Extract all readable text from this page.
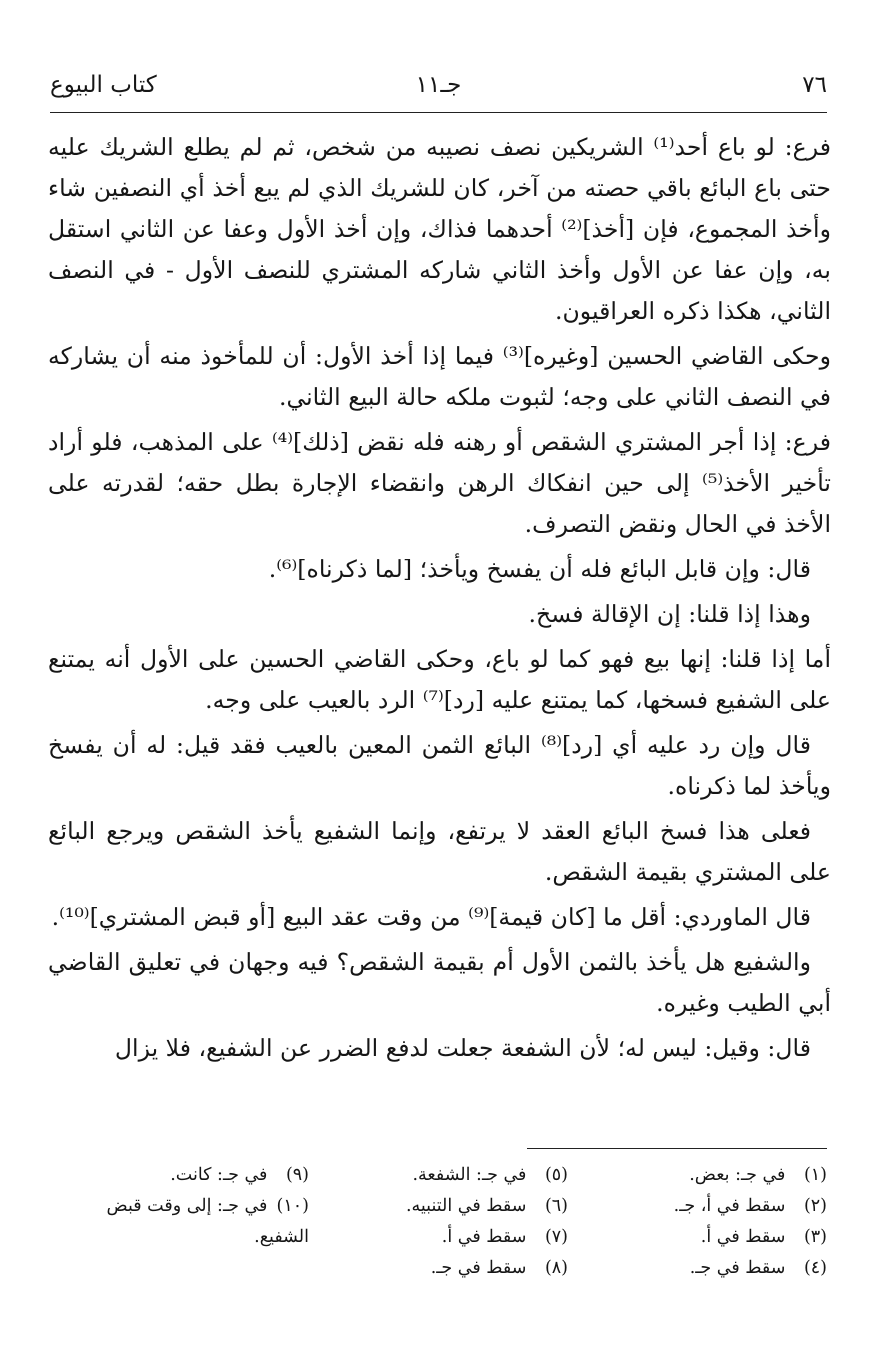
٧٦
جـ١١
كتاب البيوع

فرع: لو باع أحد⁽¹⁾ الشريكين نصف نصيبه من شخص، ثم لم يطلع الشريك عليه حتى باع البائع باقي حصته من آخر، كان للشريك الذي لم يبع أخذ أي النصفين شاء وأخذ المجموع، فإن [أخذ]⁽²⁾ أحدهما فذاك، وإن أخذ الأول وعفا عن الثاني استقل به، وإن عفا عن الأول وأخذ الثاني شاركه المشتري للنصف الأول - في النصف الثاني، هكذا ذكره العراقيون.

وحكى القاضي الحسين [وغيره]⁽³⁾ فيما إذا أخذ الأول: أن للمأخوذ منه أن يشاركه في النصف الثاني على وجه؛ لثبوت ملكه حالة البيع الثاني.

فرع: إذا أجر المشتري الشقص أو رهنه فله نقض [ذلك]⁽⁴⁾ على المذهب، فلو أراد تأخير الأخذ⁽⁵⁾ إلى حين انفكاك الرهن وانقضاء الإجارة بطل حقه؛ لقدرته على الأخذ في الحال ونقض التصرف.

قال: وإن قابل البائع فله أن يفسخ ويأخذ؛ [لما ذكرناه]⁽⁶⁾.

وهذا إذا قلنا: إن الإقالة فسخ.

أما إذا قلنا: إنها بيع فهو كما لو باع، وحكى القاضي الحسين على الأول أنه يمتنع على الشفيع فسخها، كما يمتنع عليه [رد]⁽⁷⁾ الرد بالعيب على وجه.

قال وإن رد عليه أي [رد]⁽⁸⁾ البائع الثمن المعين بالعيب فقد قيل: له أن يفسخ ويأخذ لما ذكرناه.

فعلى هذا فسخ البائع العقد لا يرتفع، وإنما الشفيع يأخذ الشقص ويرجع البائع على المشتري بقيمة الشقص.

قال الماوردي: أقل ما [كان قيمة]⁽⁹⁾ من وقت عقد البيع [أو قبض المشتري]⁽¹⁰⁾.

والشفيع هل يأخذ بالثمن الأول أم بقيمة الشقص؟ فيه وجهان في تعليق القاضي أبي الطيب وغيره.

قال: وقيل: ليس له؛ لأن الشفعة جعلت لدفع الضرر عن الشفيع، فلا يزال

(١) في جـ: بعض.
(٢) سقط في أ، جـ.
(٣) سقط في أ.
(٤) سقط في جـ.
(٥) في جـ: الشفعة.
(٦) سقط في التنبيه.
(٧) سقط في أ.
(٨) سقط في جـ.
(٩) في جـ: كانت.
(١٠) في جـ: إلى وقت قبض الشفيع.
